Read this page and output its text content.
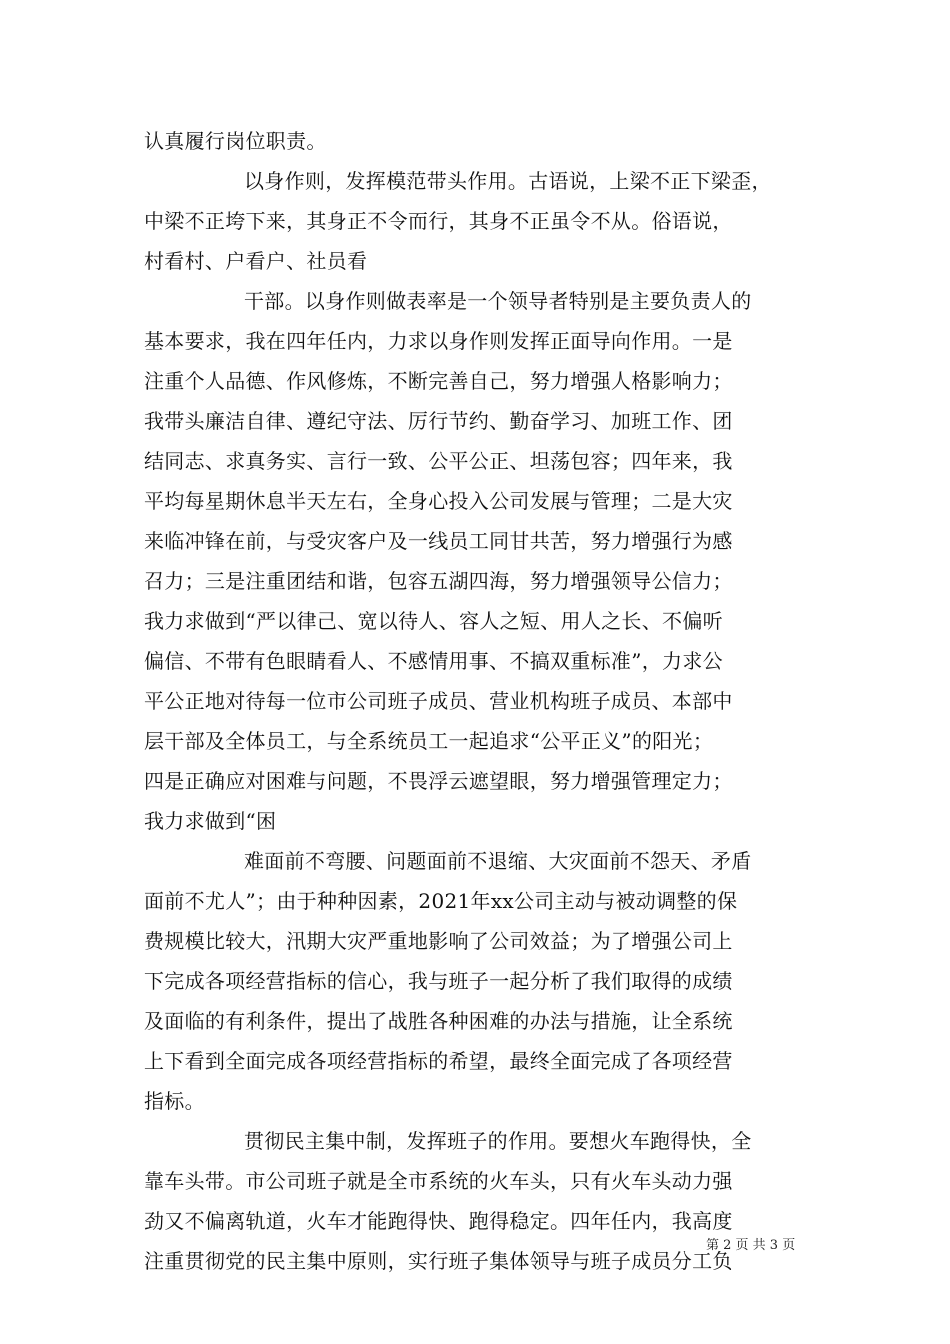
认真履行岗位职责。
以身作则，发挥模范带头作用。古语说，上梁不正下梁歪，
中梁不正垮下来，其身正不令而行，其身不正虽令不从。俗语说，
村看村、户看户、社员看
干部。以身作则做表率是一个领导者特别是主要负责人的
基本要求，我在四年任内，力求以身作则发挥正面导向作用。一是
注重个人品德、作风修炼，不断完善自己，努力增强人格影响力；
我带头廉洁自律、遵纪守法、厉行节约、勤奋学习、加班工作、团
结同志、求真务实、言行一致、公平公正、坦荡包容；四年来，我
平均每星期休息半天左右，全身心投入公司发展与管理；二是大灾
来临冲锋在前，与受灾客户及一线员工同甘共苦，努力增强行为感
召力；三是注重团结和谐，包容五湖四海，努力增强领导公信力；
我力求做到“严以律己、宽以待人、容人之短、用人之长、不偏听
偏信、不带有色眼睛看人、不感情用事、不搞双重标准”，力求公
平公正地对待每一位市公司班子成员、营业机构班子成员、本部中
层干部及全体员工，与全系统员工一起追求“公平正义”的阳光；
四是正确应对困难与问题，不畏浮云遮望眼，努力增强管理定力；
我力求做到“困
难面前不弯腰、问题面前不退缩、大灾面前不怨天、矛盾
面前不尤人”；由于种种因素，2021年xx公司主动与被动调整的保
费规模比较大，汛期大灾严重地影响了公司效益；为了增强公司上
下完成各项经营指标的信心，我与班子一起分析了我们取得的成绩
及面临的有利条件，提出了战胜各种困难的办法与措施，让全系统
上下看到全面完成各项经营指标的希望，最终全面完成了各项经营
指标。
贯彻民主集中制，发挥班子的作用。要想火车跑得快，全
靠车头带。市公司班子就是全市系统的火车头，只有火车头动力强
劲又不偏离轨道，火车才能跑得快、跑得稳定。四年任内，我高度
注重贯彻党的民主集中原则，实行班子集体领导与班子成员分工负
第 2 页 共 3 页
